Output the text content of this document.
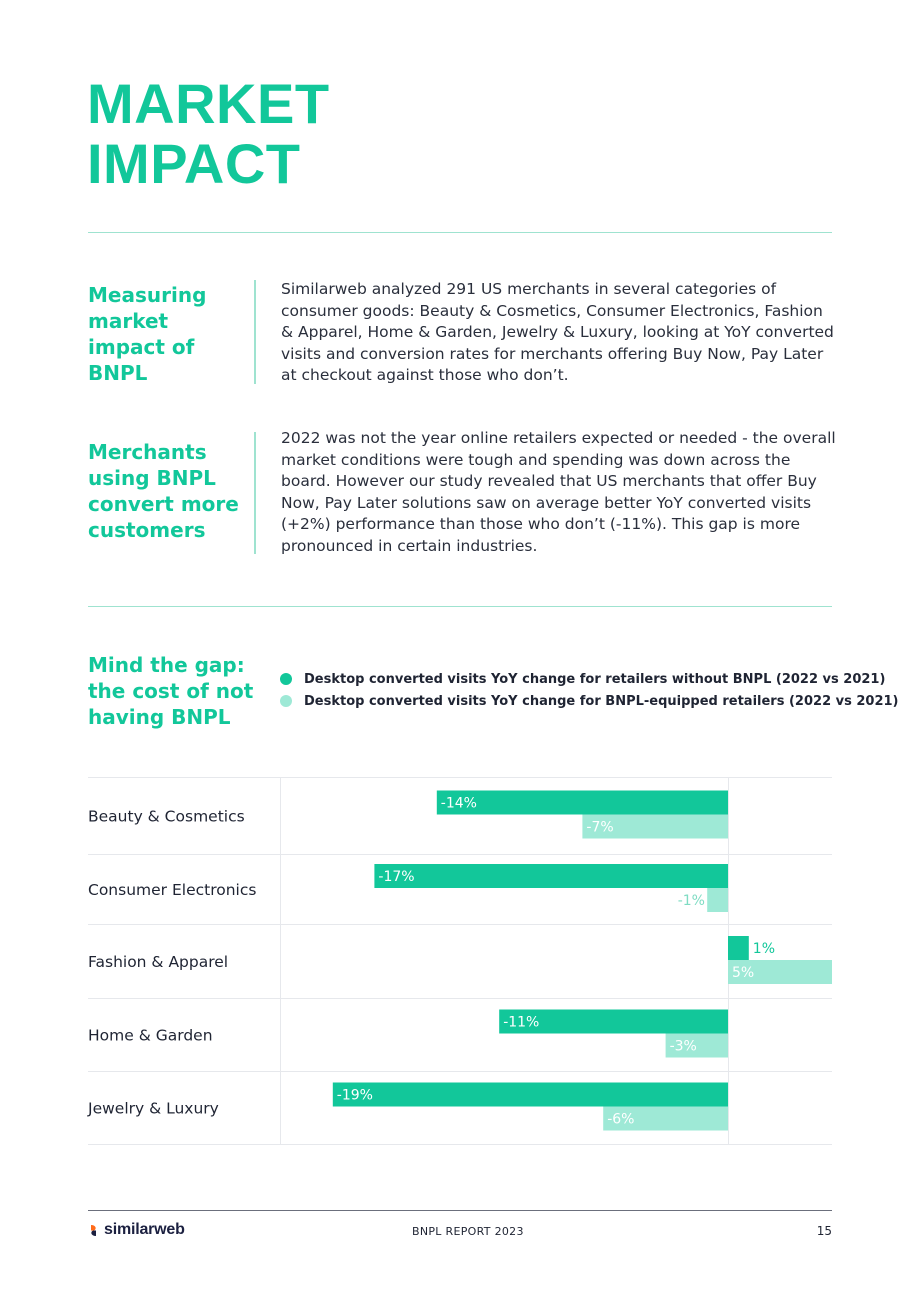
MARKET
IMPACT
Measuring market impact of BNPL

Similarweb analyzed 291 US merchants in several categories of consumer goods: Beauty & Cosmetics, Consumer Electronics, Fashion & Apparel, Home & Garden, Jewelry & Luxury, looking at YoY converted visits and conversion rates for merchants offering Buy Now, Pay Later at checkout against those who don’t.

Merchants using BNPL convert more customers

2022 was not the year online retailers expected or needed - the overall market conditions were tough and spending was down across the board. However our study revealed that US merchants that offer Buy Now, Pay Later solutions saw on average better YoY converted visits (+2%) performance than those who don’t (-11%). This gap is more pronounced in certain industries.

Mind the gap: the cost of not having BNPL
Desktop converted visits YoY change for retailers without BNPL (2022 vs 2021)
Desktop converted visits YoY change for BNPL-equipped retailers (2022 vs 2021)
Beauty & Cosmetics
-14%
-7%
Consumer Electronics
-17%
-1%
Fashion & Apparel
1%
5%
Home & Garden
-11%
-3%
Jewelry & Luxury
-19%
-6%
similarweb	BNPL REPORT 2023	15
